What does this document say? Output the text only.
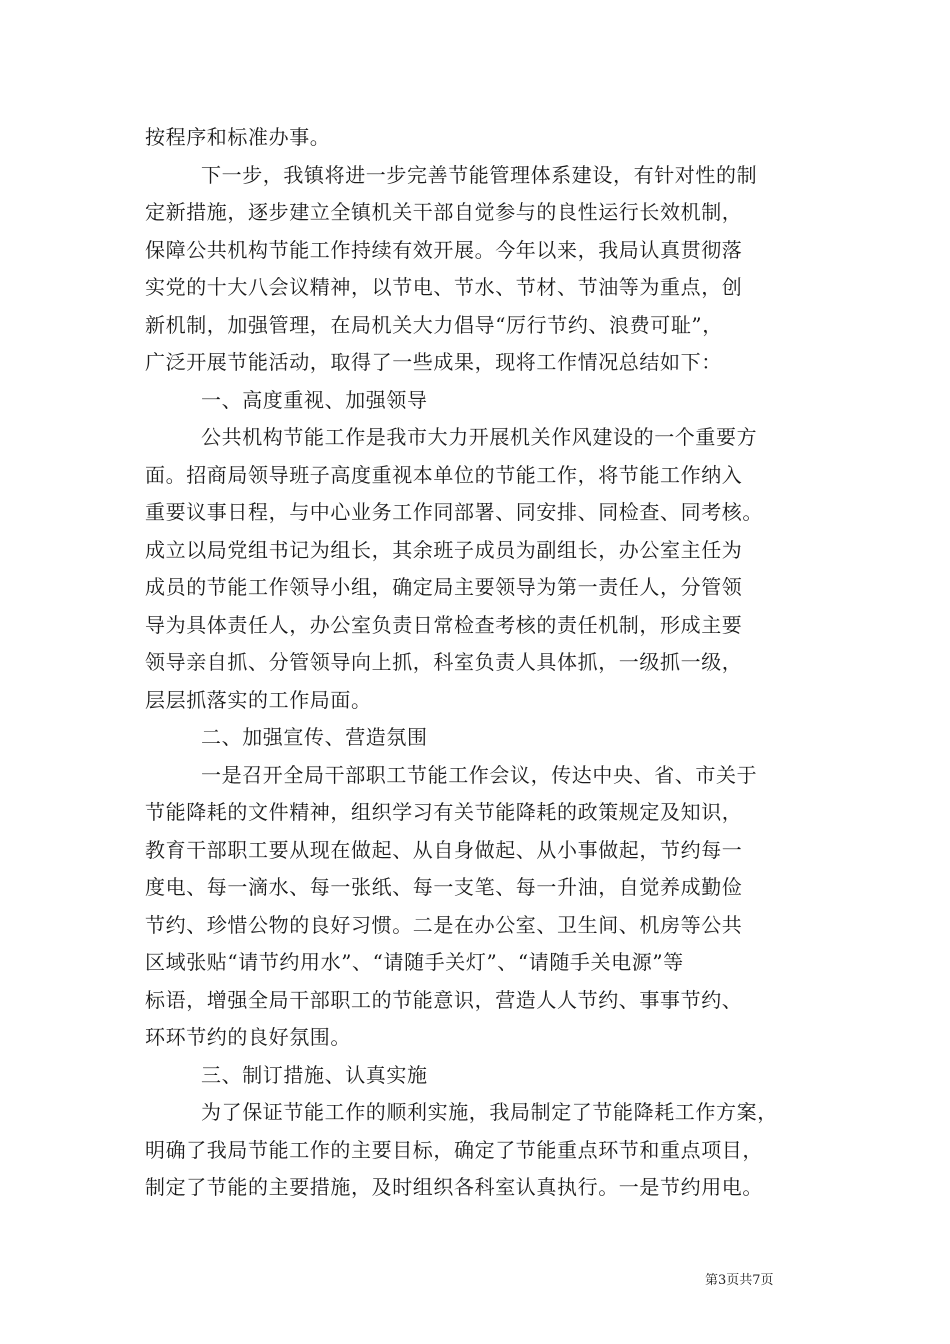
按程序和标准办事。
下一步，我镇将进一步完善节能管理体系建设，有针对性的制
定新措施，逐步建立全镇机关干部自觉参与的良性运行长效机制，
保障公共机构节能工作持续有效开展。今年以来，我局认真贯彻落
实党的十大八会议精神，以节电、节水、节材、节油等为重点，创
新机制，加强管理，在局机关大力倡导“厉行节约、浪费可耻”，
广泛开展节能活动，取得了一些成果，现将工作情况总结如下：
一、高度重视、加强领导
公共机构节能工作是我市大力开展机关作风建设的一个重要方
面。招商局领导班子高度重视本单位的节能工作，将节能工作纳入
重要议事日程，与中心业务工作同部署、同安排、同检查、同考核。
成立以局党组书记为组长，其余班子成员为副组长，办公室主任为
成员的节能工作领导小组，确定局主要领导为第一责任人，分管领
导为具体责任人，办公室负责日常检查考核的责任机制，形成主要
领导亲自抓、分管领导向上抓，科室负责人具体抓，一级抓一级，
层层抓落实的工作局面。
二、加强宣传、营造氛围
一是召开全局干部职工节能工作会议，传达中央、省、市关于
节能降耗的文件精神，组织学习有关节能降耗的政策规定及知识，
教育干部职工要从现在做起、从自身做起、从小事做起，节约每一
度电、每一滴水、每一张纸、每一支笔、每一升油，自觉养成勤俭
节约、珍惜公物的良好习惯。二是在办公室、卫生间、机房等公共
区域张贴“请节约用水”、“请随手关灯”、“请随手关电源”等
标语，增强全局干部职工的节能意识，营造人人节约、事事节约、
环环节约的良好氛围。
三、制订措施、认真实施
为了保证节能工作的顺利实施，我局制定了节能降耗工作方案，
明确了我局节能工作的主要目标，确定了节能重点环节和重点项目，
制定了节能的主要措施，及时组织各科室认真执行。一是节约用电。
第3页共7页
